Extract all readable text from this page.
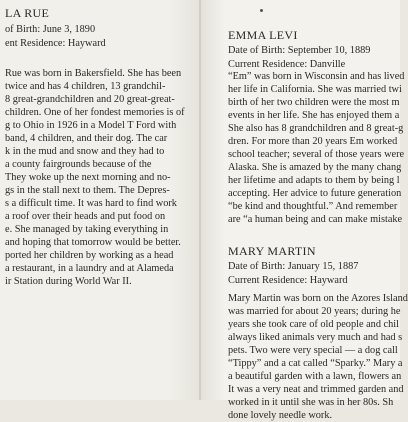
LA RUE
of Birth: June 3, 1890
ent Residence: Hayward
Rue was born in Bakersfield. She has been
twice and has 4 children, 13 grandchil-
8 great-grandchildren and 20 great-great-
children. One of her fondest memories is of
g to Ohio in 1926 in a Model T Ford with
band, 4 children, and their dog. The car
k in the mud and snow and they had to
a county fairgrounds because of the
They woke up the next morning and no-
gs in the stall next to them. The Depres-
s a difficult time. It was hard to find work
a roof over their heads and put food on
e. She managed by taking everything in
and hoping that tomorrow would be better.
ported her children by working as a head
a restaurant, in a laundry and at Alameda
ir Station during World War II.
EMMA LEVI
Date of Birth: September 10, 1889
Current Residence: Danville
“Em” was born in Wisconsin and has lived
her life in California. She was married twi
birth of her two children were the most m
events in her life. She has enjoyed them a
She also has 8 grandchildren and 8 great-g
dren. For more than 20 years Em worked
school teacher; several of those years were
Alaska. She is amazed by the many chang
her lifetime and adapts to them by being l
accepting. Her advice to future generation
“be kind and thoughtful.” And remember
are “a human being and can make mistake
MARY MARTIN
Date of Birth: January 15, 1887
Current Residence: Hayward
Mary Martin was born on the Azores Island
was married for about 20 years; during he
years she took care of old people and chil
always liked animals very much and had s
pets. Two were very special — a dog call
“Tippy” and a cat called “Sparky.” Mary a
a beautiful garden with a lawn, flowers an
It was a very neat and trimmed garden and
worked in it until she was in her 80s. Sh
done lovely needle work.
